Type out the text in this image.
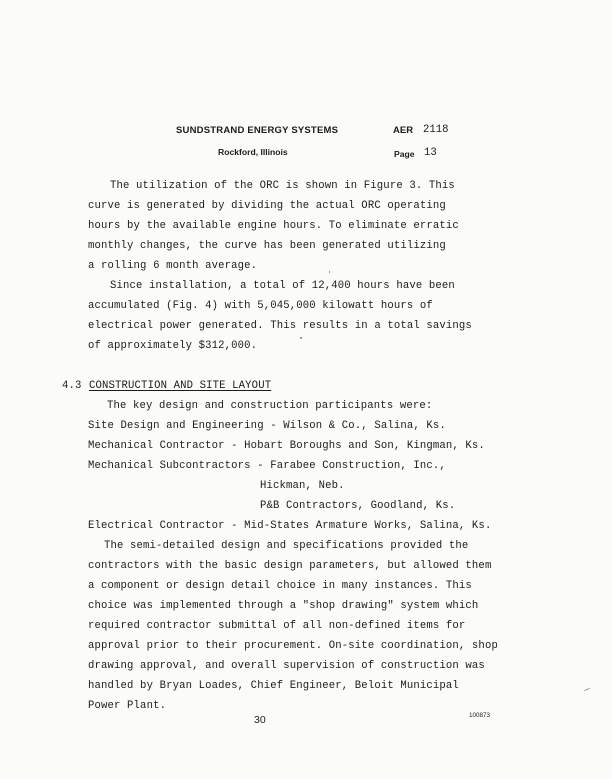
SUNDSTRAND ENERGY SYSTEMS	AER 2118
Rockford, Illinois	Page 13
The utilization of the ORC is shown in Figure 3. This
curve is generated by dividing the actual ORC operating
hours by the available engine hours. To eliminate erratic
monthly changes, the curve has been generated utilizing
a rolling 6 month average.
Since installation, a total of 12,400 hours have been
accumulated (Fig. 4) with 5,045,000 kilowatt hours of
electrical power generated. This results in a total savings
of approximately $312,000.
4.3 CONSTRUCTION AND SITE LAYOUT
The key design and construction participants were:
Site Design and Engineering - Wilson & Co., Salina, Ks.
Mechanical Contractor - Hobart Boroughs and Son, Kingman, Ks.
Mechanical Subcontractors - Farabee Construction, Inc.,
Hickman, Neb.
P&B Contractors, Goodland, Ks.
Electrical Contractor - Mid-States Armature Works, Salina, Ks.
The semi-detailed design and specifications provided the
contractors with the basic design parameters, but allowed them
a component or design detail choice in many instances. This
choice was implemented through a "shop drawing" system which
required contractor submittal of all non-defined items for
approval prior to their procurement. On-site coordination, shop
drawing approval, and overall supervision of construction was
handled by Bryan Loades, Chief Engineer, Beloit Municipal
Power Plant.
30	100873
